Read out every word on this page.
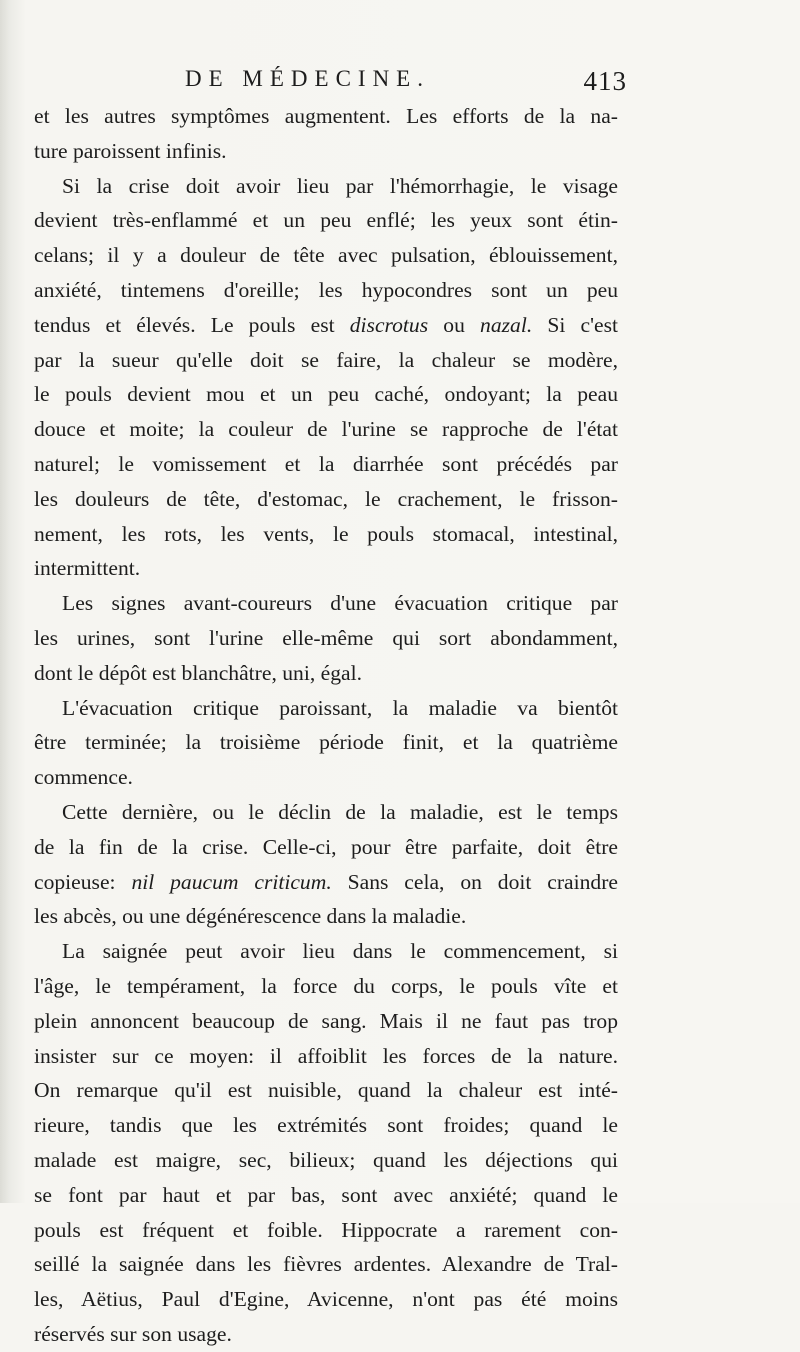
DE MÉDECINE.	413
et les autres symptômes augmentent. Les efforts de la na-
ture paroissent infinis.
Si la crise doit avoir lieu par l'hémorrhagie, le visage
devient très-enflammé et un peu enflé; les yeux sont étin-
celans; il y a douleur de tête avec pulsation, éblouissement,
anxiété, tintemens d'oreille; les hypocondres sont un peu
tendus et élevés. Le pouls est discrotus ou nazal. Si c'est
par la sueur qu'elle doit se faire, la chaleur se modère,
le pouls devient mou et un peu caché, ondoyant; la peau
douce et moite; la couleur de l'urine se rapproche de l'état
naturel; le vomissement et la diarrhée sont précédés par
les douleurs de tête, d'estomac, le crachement, le frisson-
nement, les rots, les vents, le pouls stomacal, intestinal,
intermittent.
Les signes avant-coureurs d'une évacuation critique par
les urines, sont l'urine elle-même qui sort abondamment,
dont le dépôt est blanchâtre, uni, égal.
L'évacuation critique paroissant, la maladie va bientôt
être terminée; la troisième période finit, et la quatrième
commence.
Cette dernière, ou le déclin de la maladie, est le temps
de la fin de la crise. Celle-ci, pour être parfaite, doit être
copieuse: nil paucum criticum. Sans cela, on doit craindre
les abcès, ou une dégénérescence dans la maladie.
La saignée peut avoir lieu dans le commencement, si
l'âge, le tempérament, la force du corps, le pouls vîte et
plein annoncent beaucoup de sang. Mais il ne faut pas trop
insister sur ce moyen: il affoiblit les forces de la nature.
On remarque qu'il est nuisible, quand la chaleur est inté-
rieure, tandis que les extrémités sont froides; quand le
malade est maigre, sec, bilieux; quand les déjections qui
se font par haut et par bas, sont avec anxiété; quand le
pouls est fréquent et foible. Hippocrate a rarement con-
seillé la saignée dans les fièvres ardentes. Alexandre de Tral-
les, Aëtius, Paul d'Egine, Avicenne, n'ont pas été moins
réservés sur son usage.
